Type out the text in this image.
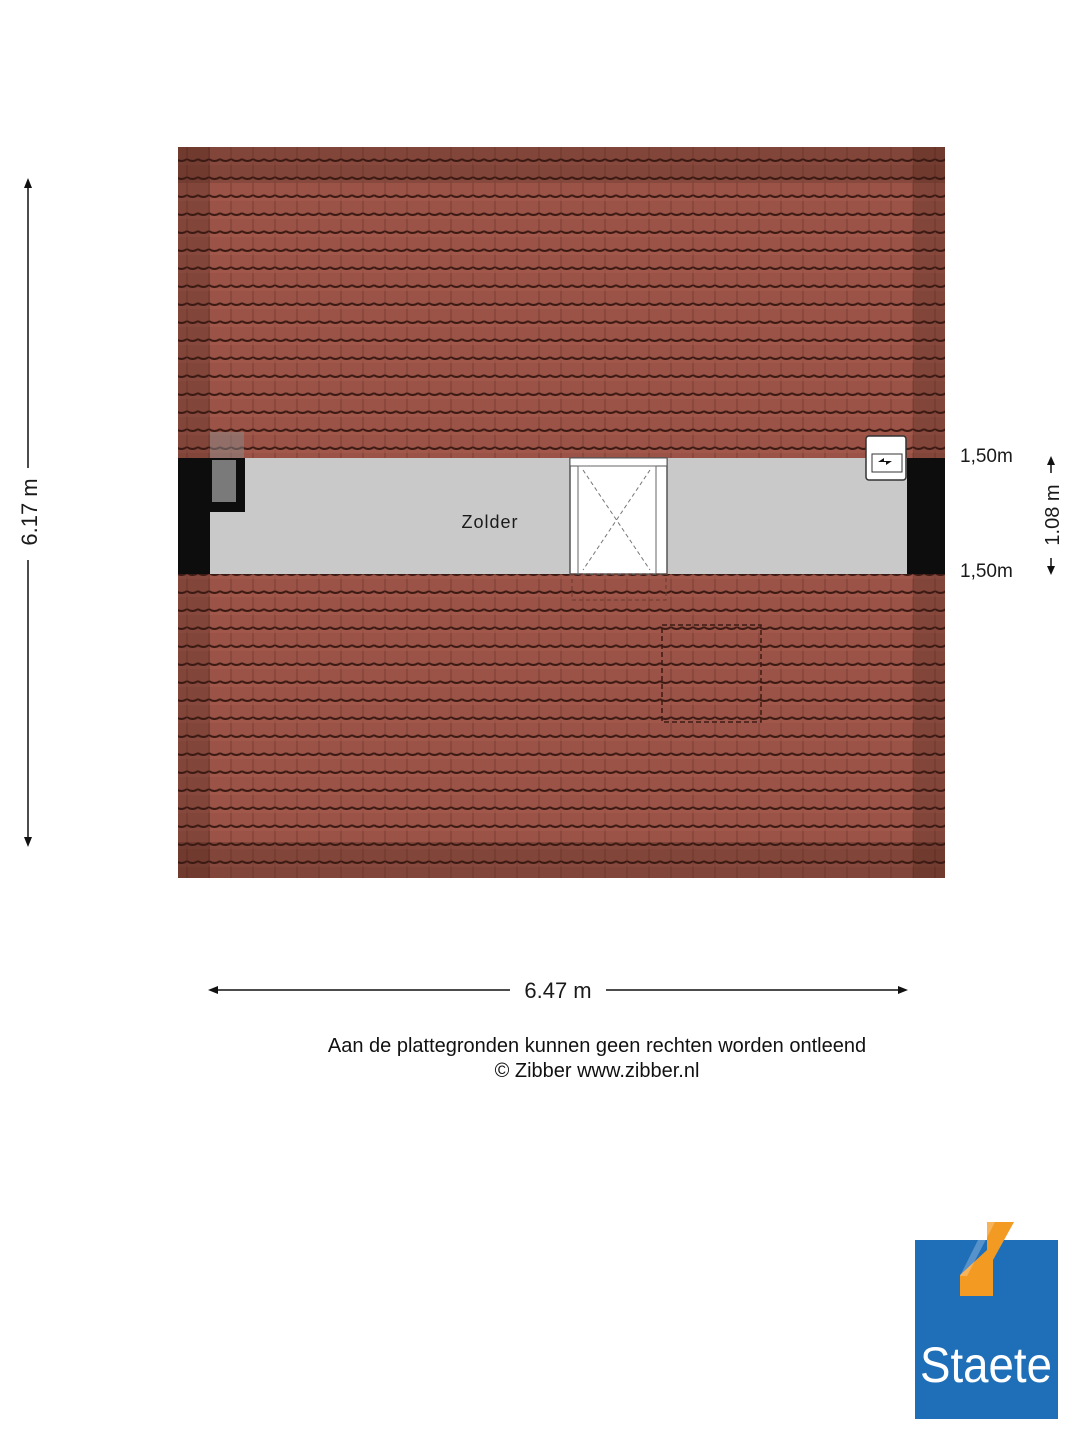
Zolder
6.17 m
6.47 m
1.08 m
1,50m
1,50m
Aan de plattegronden kunnen geen rechten worden ontleend
© Zibber www.zibber.nl
Staete
